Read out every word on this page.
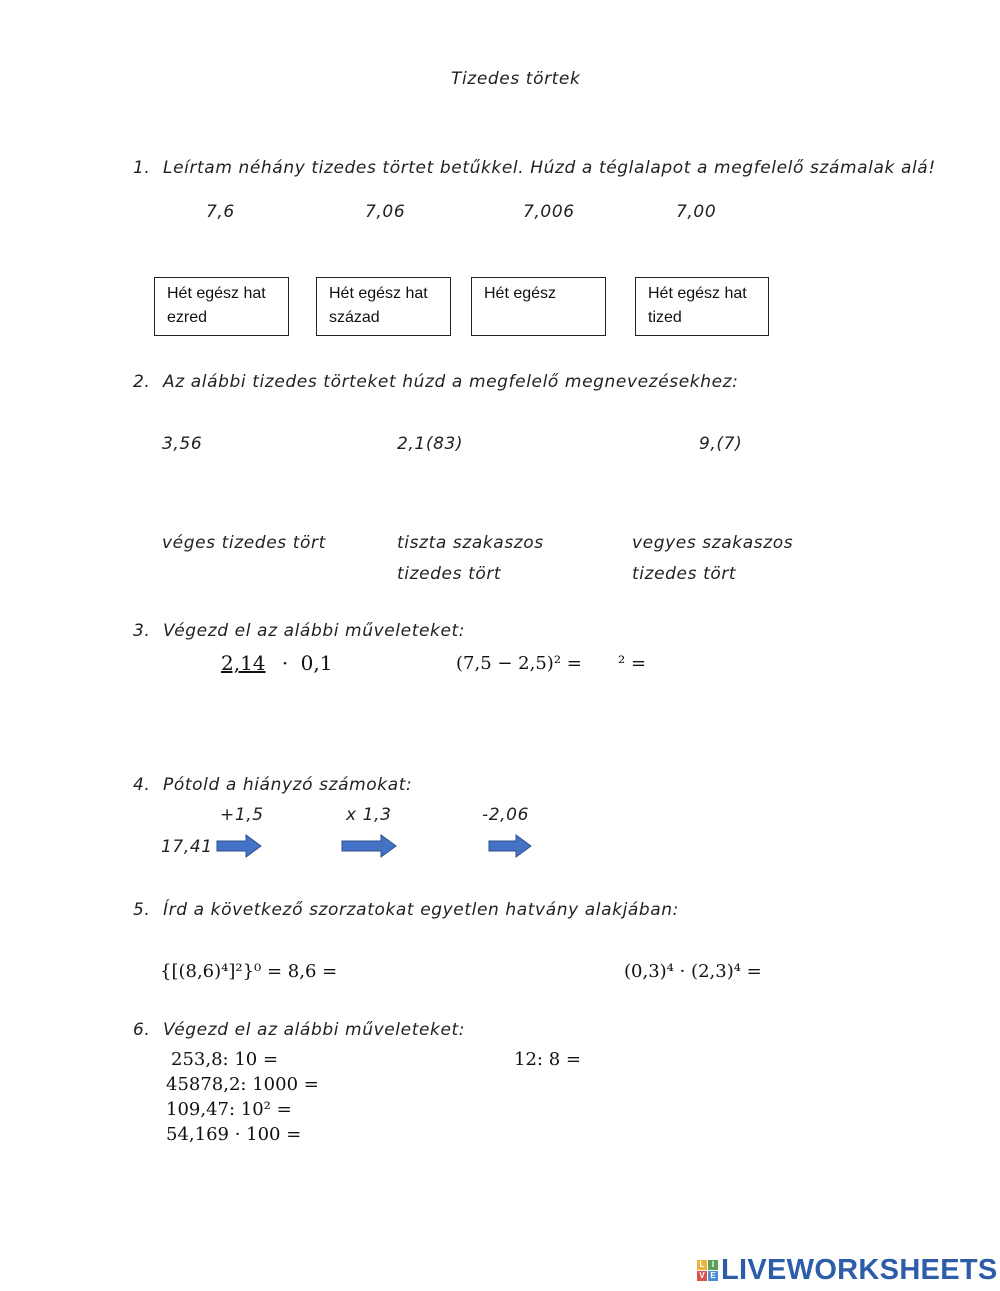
Tizedes törtek
1. Leírtam néhány tizedes törtet betűkkel. Húzd a téglalapot a megfelelő számalak alá!
7,6	7,06	7,006	7,00
Hét egész hat
ezred
Hét egész hat
század
Hét egész	Hét egész hat
tized
2. Az alábbi tizedes törteket húzd a megfelelő megnevezésekhez:
3,56	2,1(83)	9,(7)
véges tizedes tört	tiszta szakaszos
tizedes tört
vegyes szakaszos
tizedes tört
3. Végezd el az alábbi műveleteket:
2,14 · 0,1	(7,5 − 2,5)² = ² =
4. Pótold a hiányzó számokat:
+1,5	x 1,3	-2,06
17,41
5. Írd a következő szorzatokat egyetlen hatvány alakjában:
{[(8,6)⁴]²}⁰ = 8,6 =	(0,3)⁴ · (2,3)⁴ =
6. Végezd el az alábbi műveleteket:
253,8: 10 =
45878,2: 1000 =
109,47: 10² =
54,169 · 100 =
12: 8 =
L I
V E LIVEWORKSHEETS
